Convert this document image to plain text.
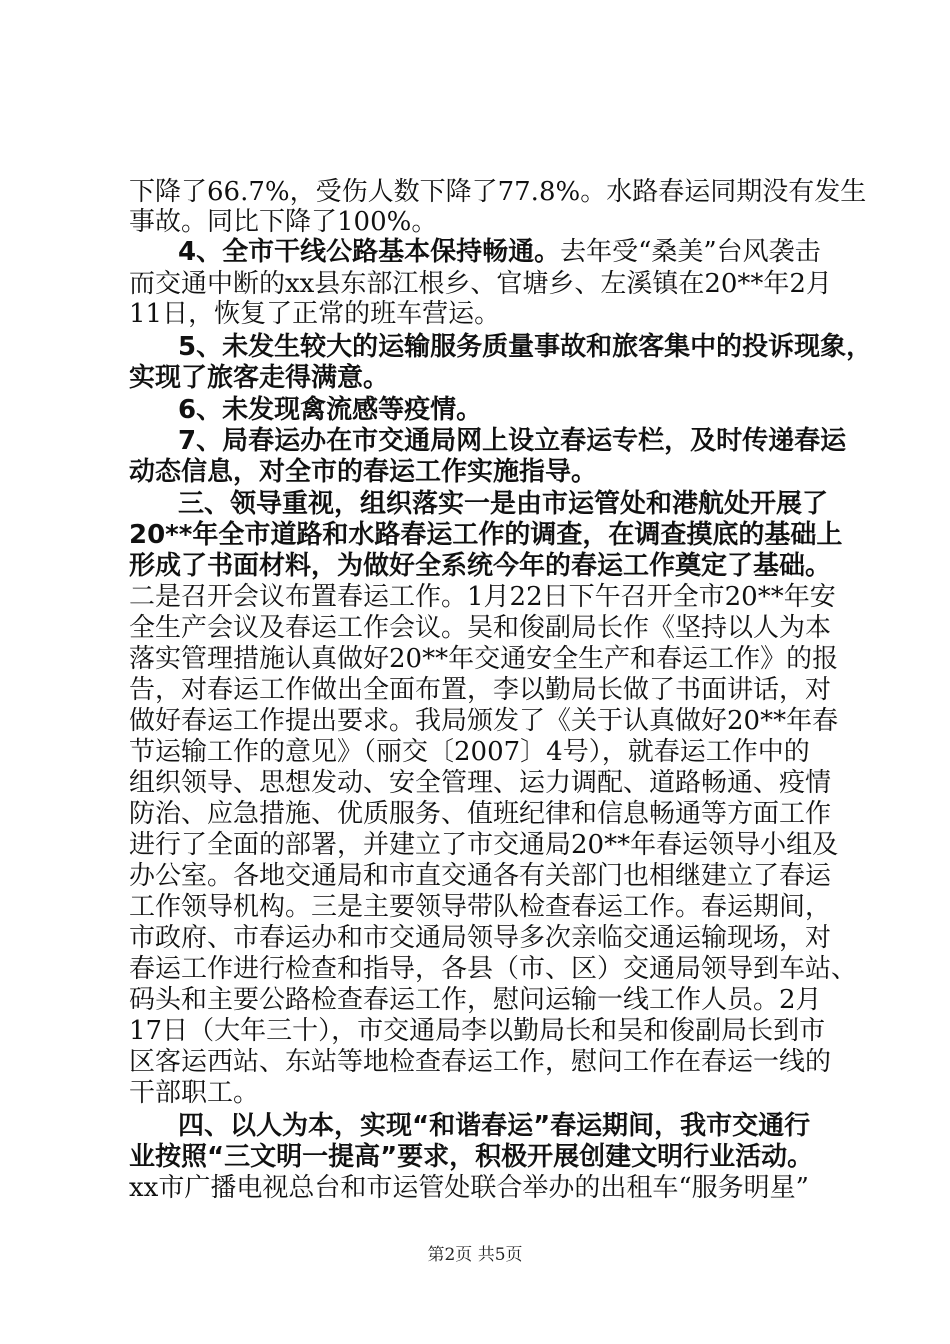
下降了66.7%，受伤人数下降了77.8%。水路春运同期没有发生
事故。同比下降了100%。
4、全市干线公路基本保持畅通。去年受“桑美”台风袭击
而交通中断的xx县东部江根乡、官塘乡、左溪镇在20**年2月
11日，恢复了正常的班车营运。
5、未发生较大的运输服务质量事故和旅客集中的投诉现象，
实现了旅客走得满意。
6、未发现禽流感等疫情。
7、局春运办在市交通局网上设立春运专栏，及时传递春运
动态信息，对全市的春运工作实施指导。
三、领导重视，组织落实一是由市运管处和港航处开展了
20**年全市道路和水路春运工作的调查，在调查摸底的基础上
形成了书面材料，为做好全系统今年的春运工作奠定了基础。
二是召开会议布置春运工作。1月22日下午召开全市20**年安
全生产会议及春运工作会议。吴和俊副局长作《坚持以人为本
落实管理措施认真做好20**年交通安全生产和春运工作》的报
告，对春运工作做出全面布置，李以勤局长做了书面讲话，对
做好春运工作提出要求。我局颁发了《关于认真做好20**年春
节运输工作的意见》（丽交〔2007〕4号），就春运工作中的
组织领导、思想发动、安全管理、运力调配、道路畅通、疫情
防治、应急措施、优质服务、值班纪律和信息畅通等方面工作
进行了全面的部署，并建立了市交通局20**年春运领导小组及
办公室。各地交通局和市直交通各有关部门也相继建立了春运
工作领导机构。三是主要领导带队检查春运工作。春运期间，
市政府、市春运办和市交通局领导多次亲临交通运输现场，对
春运工作进行检查和指导，各县（市、区）交通局领导到车站、
码头和主要公路检查春运工作，慰问运输一线工作人员。2月
17日（大年三十），市交通局李以勤局长和吴和俊副局长到市
区客运西站、东站等地检查春运工作，慰问工作在春运一线的
干部职工。
四、以人为本，实现“和谐春运”春运期间，我市交通行
业按照“三文明一提高”要求，积极开展创建文明行业活动。
xx市广播电视总台和市运管处联合举办的出租车“服务明星”
第2页 共5页
